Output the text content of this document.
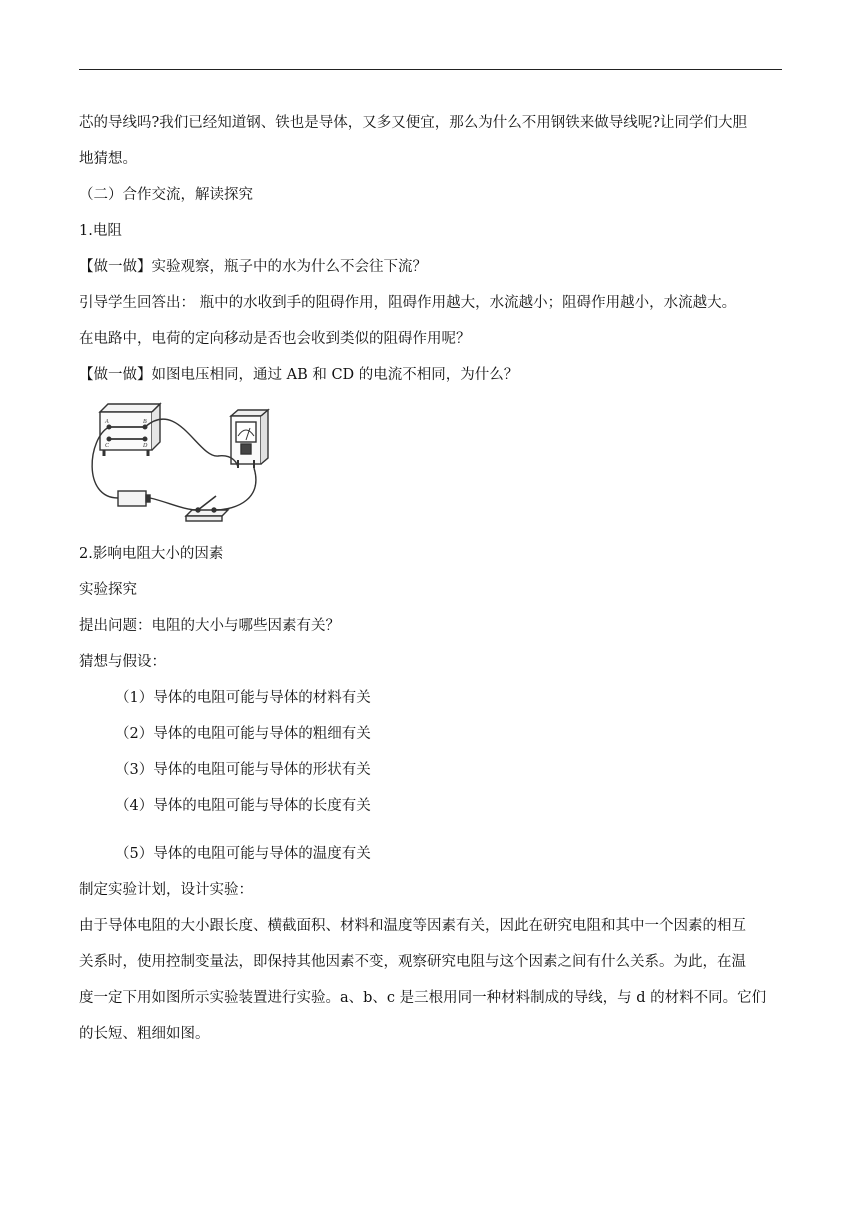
芯的导线吗?我们已经知道钢、铁也是导体，又多又便宜，那么为什么不用钢铁来做导线呢?让同学们大胆
地猜想。
（二）合作交流，解读探究
1.电阻
【做一做】实验观察，瓶子中的水为什么不会往下流？
引导学生回答出： 瓶中的水收到手的阻碍作用，阻碍作用越大，水流越小；阻碍作用越小，水流越大。
在电路中，电荷的定向移动是否也会收到类似的阻碍作用呢？
【做一做】如图电压相同，通过 AB 和 CD 的电流不相同，为什么？
A	B
C	D
2.影响电阻大小的因素
实验探究
提出问题：电阻的大小与哪些因素有关？
猜想与假设：
（1）导体的电阻可能与导体的材料有关
（2）导体的电阻可能与导体的粗细有关
（3）导体的电阻可能与导体的形状有关
（4）导体的电阻可能与导体的长度有关
（5）导体的电阻可能与导体的温度有关
制定实验计划，设计实验：
由于导体电阻的大小跟长度、横截面积、材料和温度等因素有关，因此在研究电阻和其中一个因素的相互
关系时，使用控制变量法，即保持其他因素不变，观察研究电阻与这个因素之间有什么关系。为此，在温
度一定下用如图所示实验装置进行实验。a、b、c 是三根用同一种材料制成的导线，与 d 的材料不同。它们
的长短、粗细如图。
